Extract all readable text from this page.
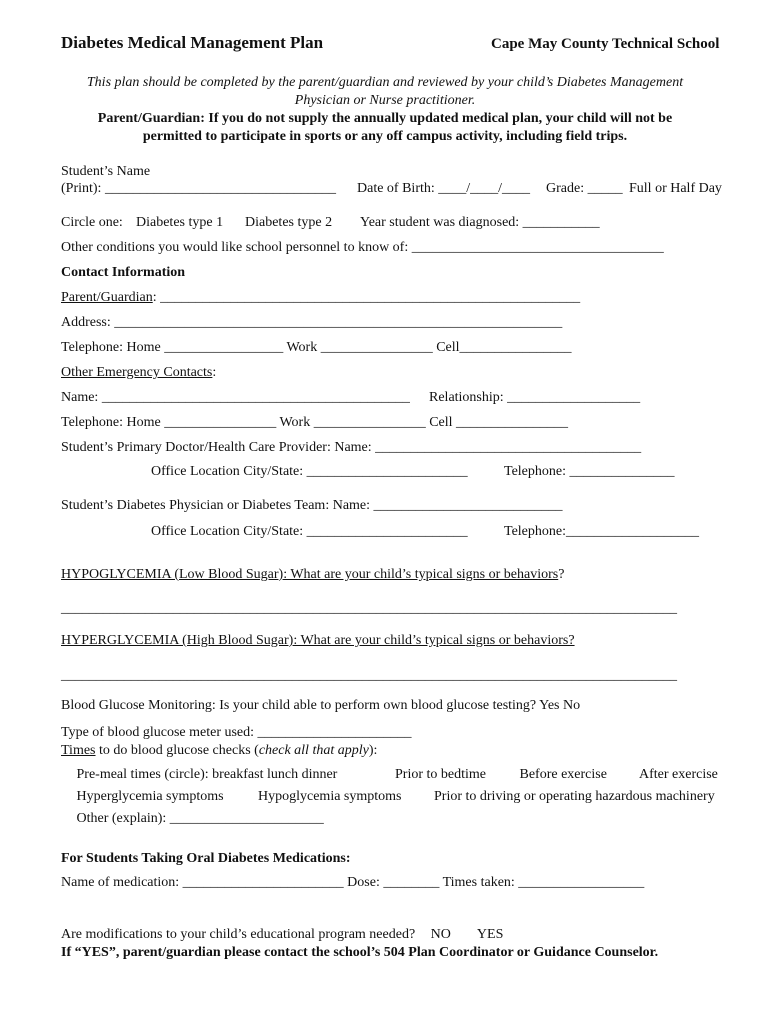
Diabetes Medical Management Plan	Cape May County Technical School
This plan should be completed by the parent/guardian and reviewed by your child’s Diabetes Management
Physician or Nurse practitioner.
Parent/Guardian: If you do not supply the annually updated medical plan, your child will not be
permitted to participate in sports or any off campus activity, including field trips.
Student’s Name
(Print): _________________________________ Date of Birth: ____/____/____ Grade: _____ Full or Half Day
Circle one: Diabetes type 1 Diabetes type 2 Year student was diagnosed: ___________
Other conditions you would like school personnel to know of: ____________________________________
Contact Information
Parent/Guardian: ____________________________________________________________
Address: ________________________________________________________________
Telephone: Home _________________ Work ________________ Cell________________
Other Emergency Contacts:
Name: ____________________________________________ Relationship: ___________________
Telephone: Home ________________ Work ________________ Cell ________________
Student’s Primary Doctor/Health Care Provider: Name: ______________________________________
Office Location City/State: _______________________	Telephone: _______________
Student’s Diabetes Physician or Diabetes Team: Name: ___________________________
Office Location City/State: _______________________	Telephone:___________________
HYPOGLYCEMIA (Low Blood Sugar): What are your child’s typical signs or behaviors?
________________________________________________________________________________________
HYPERGLYCEMIA (High Blood Sugar): What are your child’s typical signs or behaviors?
________________________________________________________________________________________
Blood Glucose Monitoring: Is your child able to perform own blood glucose testing? Yes No
Type of blood glucose meter used: ______________________
Times to do blood glucose checks (check all that apply):
Pre-meal times (circle): breakfast lunch dinner	Prior to bedtime	Before exercise	After exercise
Hyperglycemia symptoms	Hypoglycemia symptoms	Prior to driving or operating hazardous machinery
Other (explain): ______________________
For Students Taking Oral Diabetes Medications:
Name of medication: _______________________ Dose: ________ Times taken: __________________
Are modifications to your child’s educational program needed? NO YES
If “YES”, parent/guardian please contact the school’s 504 Plan Coordinator or Guidance Counselor.
